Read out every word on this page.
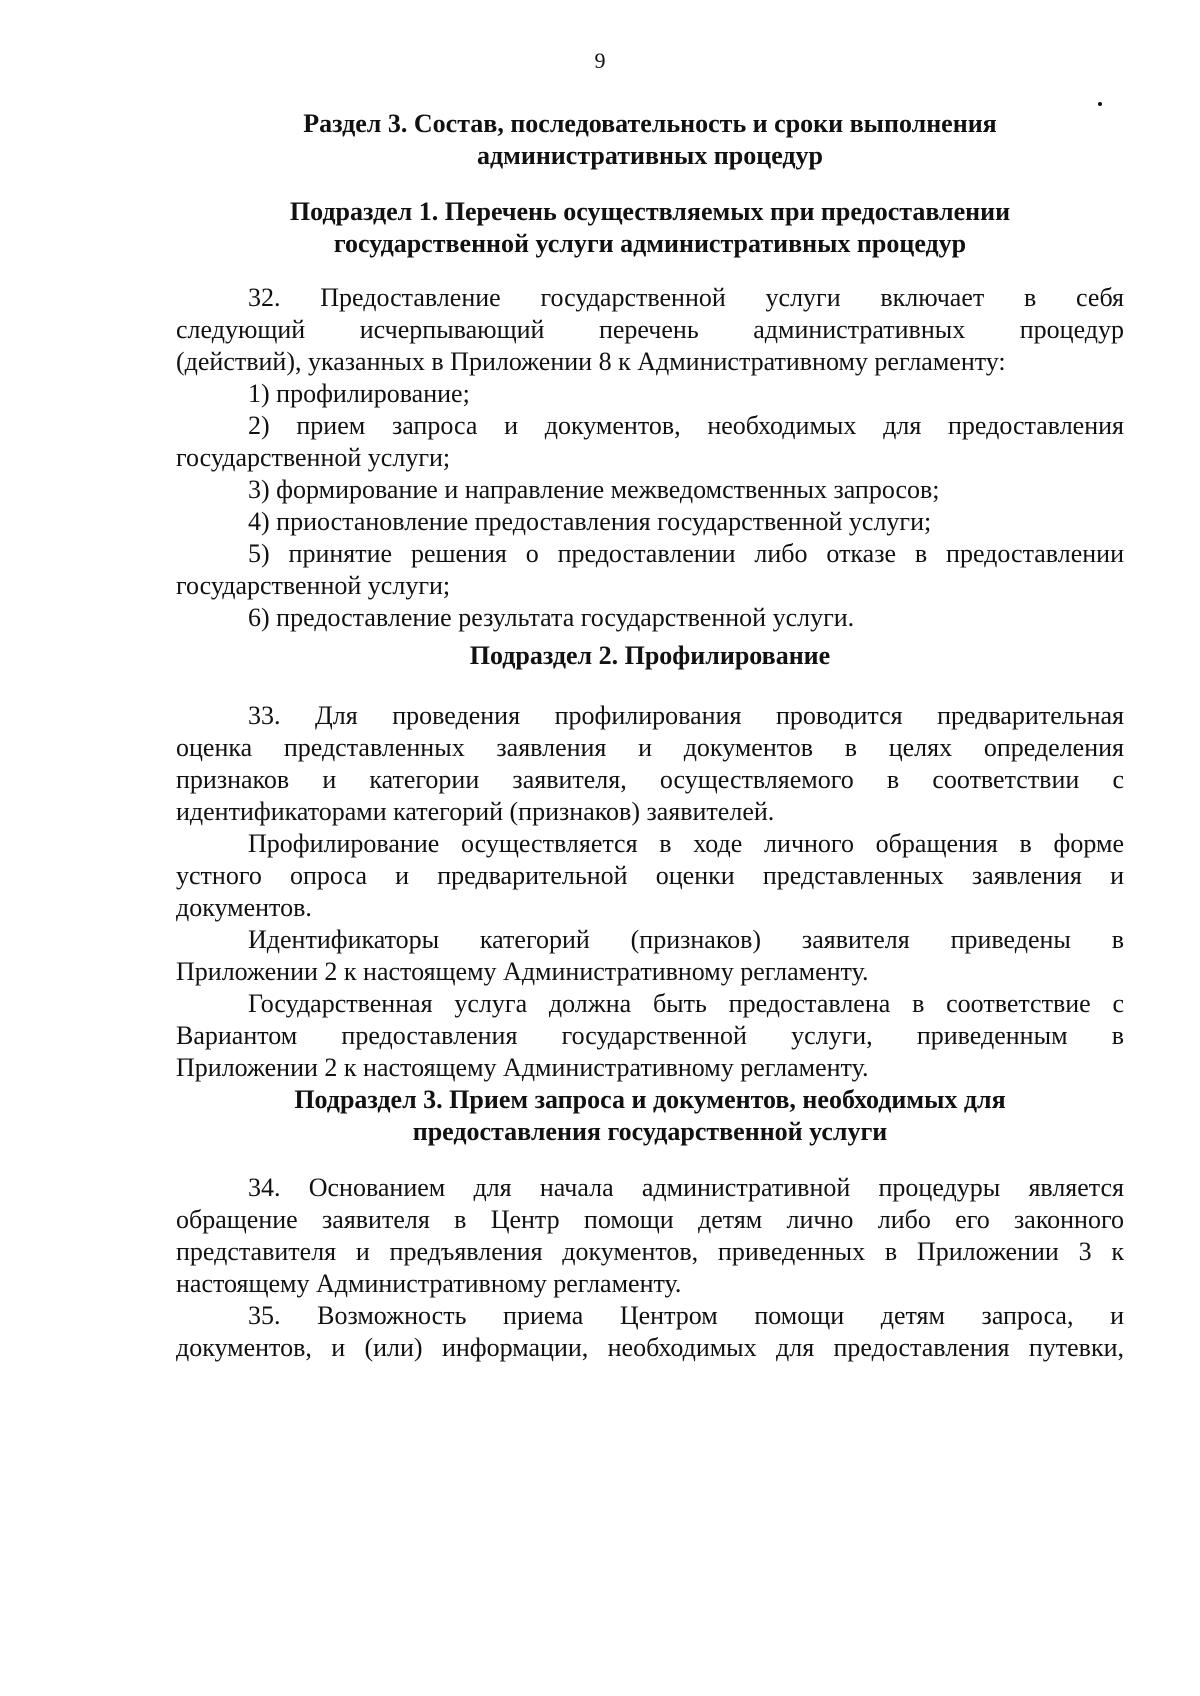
9
Раздел 3. Состав, последовательность и сроки выполнения
административных процедур
Подраздел 1. Перечень осуществляемых при предоставлении
государственной услуги административных процедур
32. Предоставление государственной услуги включает в себя
следующий исчерпывающий перечень административных процедур
(действий), указанных в Приложении 8 к Административному регламенту:
1) профилирование;
2) прием запроса и документов, необходимых для предоставления
государственной услуги;
3) формирование и направление межведомственных запросов;
4) приостановление предоставления государственной услуги;
5) принятие решения о предоставлении либо отказе в предоставлении
государственной услуги;
6) предоставление результата государственной услуги.
Подраздел 2. Профилирование
33. Для проведения профилирования проводится предварительная
оценка представленных заявления и документов в целях определения
признаков и категории заявителя, осуществляемого в соответствии с
идентификаторами категорий (признаков) заявителей.
Профилирование осуществляется в ходе личного обращения в форме
устного опроса и предварительной оценки представленных заявления и
документов.
Идентификаторы категорий (признаков) заявителя приведены в
Приложении 2 к настоящему Административному регламенту.
Государственная услуга должна быть предоставлена в соответствие с
Вариантом предоставления государственной услуги, приведенным в
Приложении 2 к настоящему Административному регламенту.
Подраздел 3. Прием запроса и документов, необходимых для
предоставления государственной услуги
34. Основанием для начала административной процедуры является
обращение заявителя в Центр помощи детям лично либо его законного
представителя и предъявления документов, приведенных в Приложении 3 к
настоящему Административному регламенту.
35. Возможность приема Центром помощи детям запроса, и
документов, и (или) информации, необходимых для предоставления путевки,
